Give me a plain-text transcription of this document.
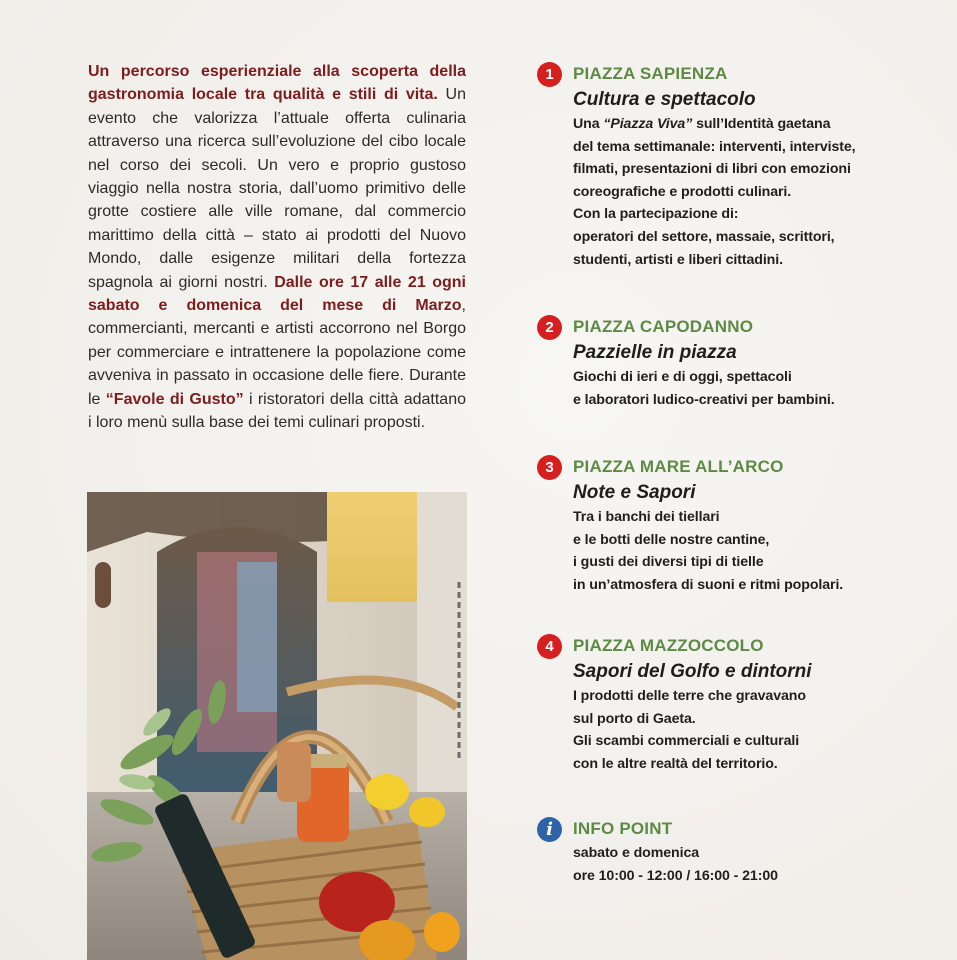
Un percorso esperienziale alla scoperta della gastronomia locale tra qualità e stili di vita. Un evento che valorizza l’attuale offerta culinaria attraverso una ricerca sull’evoluzione del cibo locale nel corso dei secoli. Un vero e proprio gustoso viaggio nella nostra storia, dall’uomo primitivo delle grotte costiere alle ville romane, dal commercio marittimo della città – stato ai prodotti del Nuovo Mondo, dalle esigenze militari della fortezza spagnola ai giorni nostri. Dalle ore 17 alle 21 ogni sabato e domenica del mese di Marzo, commercianti, mercanti e artisti accorrono nel Borgo per commerciare e intrattenere la popolazione come avveniva in passato in occasione delle fiere. Durante le “Favole di Gusto” i ristoratori della città adattano i loro menù sulla base dei temi culinari proposti.
1	PIAZZA SAPIENZA
Cultura e spettacolo
Una “Piazza Viva” sull’Identità gaetana
del tema settimanale: interventi, interviste,
filmati, presentazioni di libri con emozioni
coreografiche e prodotti culinari.
Con la partecipazione di:
operatori del settore, massaie, scrittori,
studenti, artisti e liberi cittadini.
2	PIAZZA CAPODANNO
Pazzielle in piazza
Giochi di ieri e di oggi, spettacoli
e laboratori ludico-creativi per bambini.
3	PIAZZA MARE ALL’ARCO
Note e Sapori
Tra i banchi dei tiellari
e le botti delle nostre cantine,
i gusti dei diversi tipi di tielle
in un’atmosfera di suoni e ritmi popolari.
4	PIAZZA MAZZOCCOLO
Sapori del Golfo e dintorni
I prodotti delle terre che gravavano
sul porto di Gaeta.
Gli scambi commerciali e culturali
con le altre realtà del territorio.
i	INFO POINT
sabato e domenica
ore 10:00 - 12:00 / 16:00 - 21:00
